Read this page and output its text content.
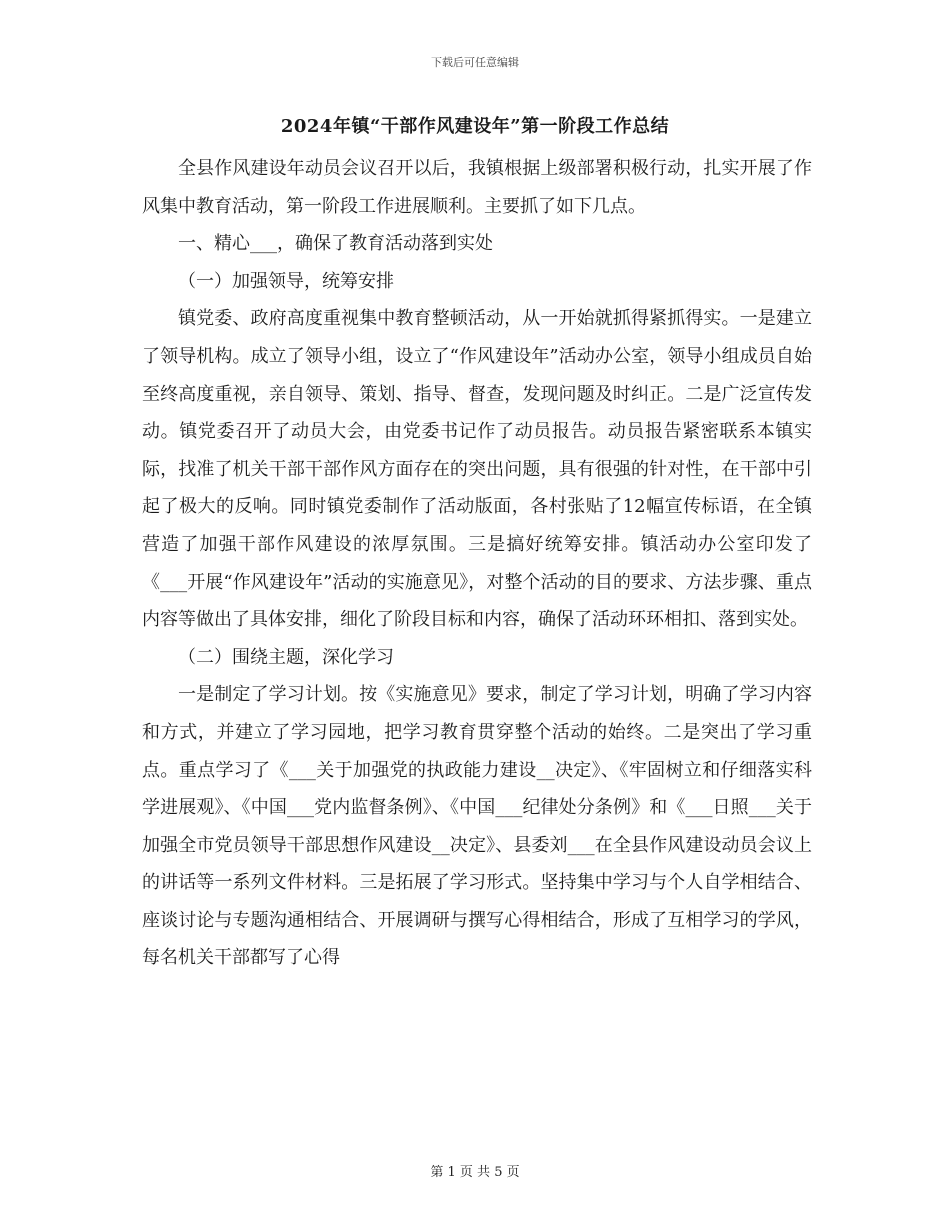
下载后可任意编辑
2024年镇“干部作风建设年”第一阶段工作总结

全县作风建设年动员会议召开以后，我镇根据上级部署积极行动，扎实开展了作风集中教育活动，第一阶段工作进展顺利。主要抓了如下几点。

一、精心___，确保了教育活动落到实处

（一）加强领导，统筹安排

镇党委、政府高度重视集中教育整顿活动，从一开始就抓得紧抓得实。一是建立了领导机构。成立了领导小组，设立了“作风建设年”活动办公室，领导小组成员自始至终高度重视，亲自领导、策划、指导、督查，发现问题及时纠正。二是广泛宣传发动。镇党委召开了动员大会，由党委书记作了动员报告。动员报告紧密联系本镇实际，找准了机关干部干部作风方面存在的突出问题，具有很强的针对性，在干部中引起了极大的反响。同时镇党委制作了活动版面，各村张贴了12幅宣传标语，在全镇营造了加强干部作风建设的浓厚氛围。三是搞好统筹安排。镇活动办公室印发了《___开展“作风建设年”活动的实施意见》，对整个活动的目的要求、方法步骤、重点内容等做出了具体安排，细化了阶段目标和内容，确保了活动环环相扣、落到实处。

（二）围绕主题，深化学习

一是制定了学习计划。按《实施意见》要求，制定了学习计划，明确了学习内容和方式，并建立了学习园地，把学习教育贯穿整个活动的始终。二是突出了学习重点。重点学习了《___关于加强党的执政能力建设__决定》、《牢固树立和仔细落实科学进展观》、《中国___党内监督条例》、《中国___纪律处分条例》和《___日照___关于加强全市党员领导干部思想作风建设__决定》、县委刘___在全县作风建设动员会议上的讲话等一系列文件材料。三是拓展了学习形式。坚持集中学习与个人自学相结合、座谈讨论与专题沟通相结合、开展调研与撰写心得相结合，形成了互相学习的学风，每名机关干部都写了心得

第 1 页 共 5 页
